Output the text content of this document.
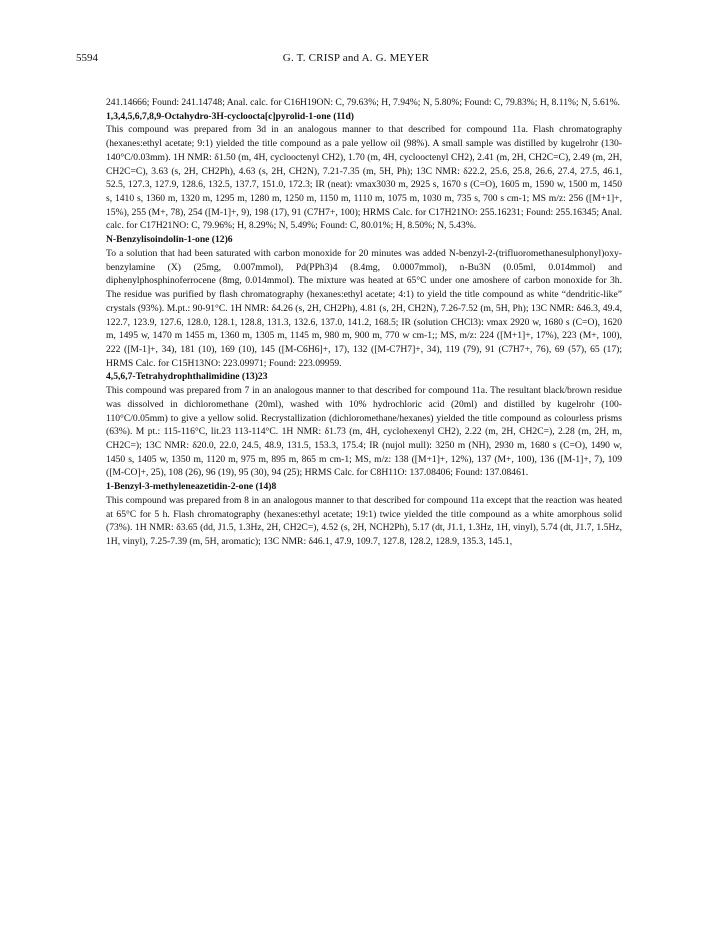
5594	G. T. CRISP and A. G. MEYER

241.14666; Found: 241.14748; Anal. calc. for C16H19ON: C, 79.63%; H, 7.94%; N, 5.80%; Found: C, 79.83%; H, 8.11%; N, 5.61%.

1,3,4,5,6,7,8,9-Octahydro-3H-cycloocta[c]pyrolid-1-one (11d)

This compound was prepared from 3d in an analogous manner to that described for compound 11a. Flash chromatography (hexanes:ethyl acetate; 9:1) yielded the title compound as a pale yellow oil (98%). A small sample was distilled by kugelrohr (130-140°C/0.03mm). 1H NMR: δ1.50 (m, 4H, cyclooctenyl CH2), 1.70 (m, 4H, cyclooctenyl CH2), 2.41 (m, 2H, CH2C=C), 2.49 (m, 2H, CH2C=C), 3.63 (s, 2H, CH2Ph), 4.63 (s, 2H, CH2N), 7.21-7.35 (m, 5H, Ph); 13C NMR: δ22.2, 25.6, 25.8, 26.6, 27.4, 27.5, 46.1, 52.5, 127.3, 127.9, 128.6, 132.5, 137.7, 151.0, 172.3; IR (neat): νmax3030 m, 2925 s, 1670 s (C=O), 1605 m, 1590 w, 1500 m, 1450 s, 1410 s, 1360 m, 1320 m, 1295 m, 1280 m, 1250 m, 1150 m, 1110 m, 1075 m, 1030 m, 735 s, 700 s cm-1; MS m/z: 256 ([M+1]+, 15%), 255 (M+, 78), 254 ([M-1]+, 9), 198 (17), 91 (C7H7+, 100); HRMS Calc. for C17H21NO: 255.16231; Found: 255.16345; Anal. calc. for C17H21NO: C, 79.96%; H, 8.29%; N, 5.49%; Found: C, 80.01%; H, 8.50%; N, 5.43%.

N-Benzylisoindolin-1-one (12)6

To a solution that had been saturated with carbon monoxide for 20 minutes was added N-benzyl-2-(trifluoromethanesulphonyl)oxy-benzylamine (X) (25mg, 0.007mmol), Pd(PPh3)4 (8.4mg, 0.0007mmol), n-Bu3N (0.05ml, 0.014mmol) and diphenylphosphinoferrocene (8mg, 0.014mmol). The mixture was heated at 65°C under one amoshere of carbon monoxide for 3h. The residue was purified by flash chromatography (hexanes:ethyl acetate; 4:1) to yield the title compound as white “dendritic-like” crystals (93%). M.pt.: 90-91°C. 1H NMR: δ4.26 (s, 2H, CH2Ph), 4.81 (s, 2H, CH2N), 7.26-7.52 (m, 5H, Ph); 13C NMR: δ46.3, 49.4, 122.7, 123.9, 127.6, 128.0, 128.1, 128.8, 131.3, 132.6, 137.0, 141.2, 168.5; IR (solution CHCl3): νmax 2920 w, 1680 s (C=O), 1620 m, 1495 w, 1470 m 1455 m, 1360 m, 1305 m, 1145 m, 980 m, 900 m, 770 w cm-1;; MS, m/z: 224 ([M+1]+, 17%), 223 (M+, 100), 222 ([M-1]+, 34), 181 (10), 169 (10), 145 ([M-C6H6]+, 17), 132 ([M-C7H7]+, 34), 119 (79), 91 (C7H7+, 76), 69 (57), 65 (17); HRMS Calc. for C15H13NO: 223.09971; Found: 223.09959.

4,5,6,7-Tetrahydrophthalimidine (13)23

This compound was prepared from 7 in an analogous manner to that described for compound 11a. The resultant black/brown residue was dissolved in dichloromethane (20ml), washed with 10% hydrochloric acid (20ml) and distilled by kugelrohr (100-110°C/0.05mm) to give a yellow solid. Recrystallization (dichloromethane/hexanes) yielded the title compound as colourless prisms (63%). M pt.: 115-116°C, lit.23 113-114°C. 1H NMR: δ1.73 (m, 4H, cyclohexenyl CH2), 2.22 (m, 2H, CH2C=), 2.28 (m, 2H, m, CH2C=); 13C NMR: δ20.0, 22.0, 24.5, 48.9, 131.5, 153.3, 175.4; IR (nujol mull): 3250 m (NH), 2930 m, 1680 s (C=O), 1490 w, 1450 s, 1405 w, 1350 m, 1120 m, 975 m, 895 m, 865 m cm-1; MS, m/z: 138 ([M+1]+, 12%), 137 (M+, 100), 136 ([M-1]+, 7), 109 ([M-CO]+, 25), 108 (26), 96 (19), 95 (30), 94 (25); HRMS Calc. for C8H11O: 137.08406; Found: 137.08461.

1-Benzyl-3-methyleneazetidin-2-one (14)8

This compound was prepared from 8 in an analogous manner to that described for compound 11a except that the reaction was heated at 65°C for 5 h. Flash chromatography (hexanes:ethyl acetate; 19:1) twice yielded the title compound as a white amorphous solid (73%). 1H NMR: δ3.65 (dd, J1.5, 1.3Hz, 2H, CH2C=), 4.52 (s, 2H, NCH2Ph), 5.17 (dt, J1.1, 1.3Hz, 1H, vinyl), 5.74 (dt, J1.7, 1.5Hz, 1H, vinyl), 7.25-7.39 (m, 5H, aromatic); 13C NMR: δ46.1, 47.9, 109.7, 127.8, 128.2, 128.9, 135.3, 145.1,
